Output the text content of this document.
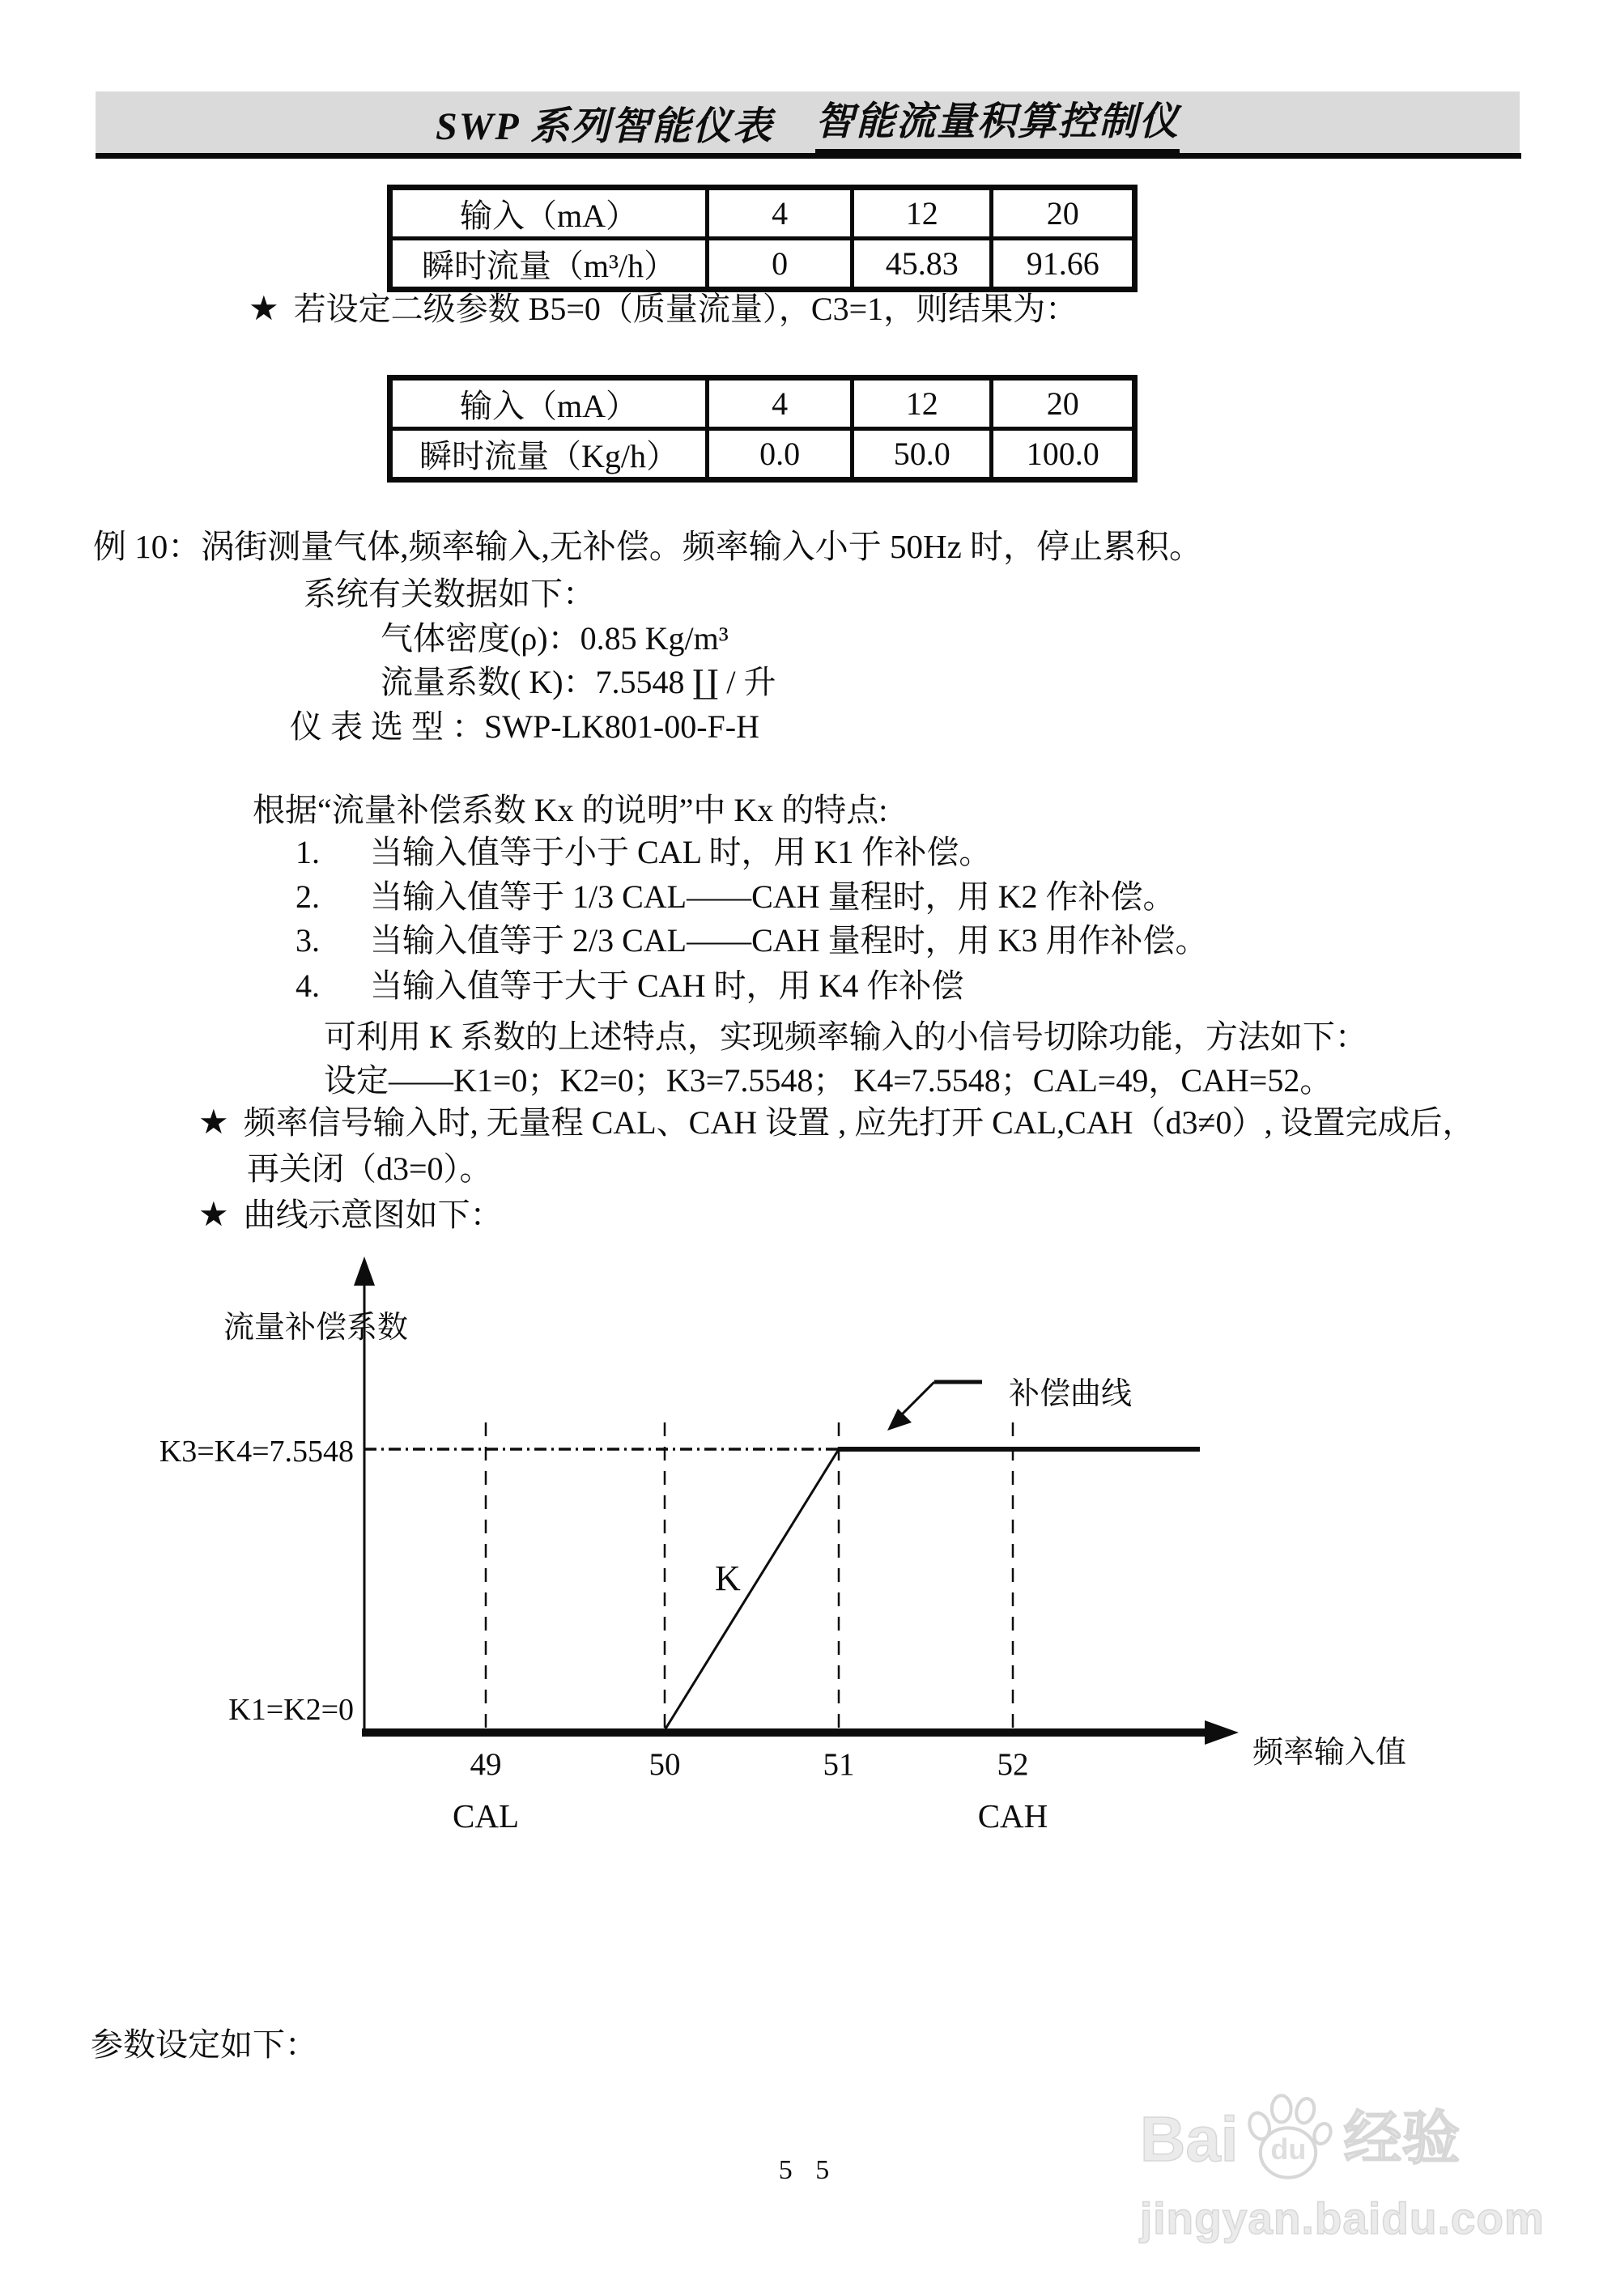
SWP 系列智能仪表 智能流量积算控制仪
输入（mA）	4	12	20
瞬时流量（m³/h）	0	45.83	91.66
★ 若设定二级参数 B5=0（质量流量），C3=1，则结果为：
输入（mA）	4	12	20
瞬时流量（Kg/h）	0.0	50.0	100.0
例 10：涡街测量气体,频率输入,无补偿。频率输入小于 50Hz 时，停止累积。
系统有关数据如下：
气体密度(ρ)：0.85 Kg/m³
流量系数( K)：7.5548 ∐ / 升
仪 表 选 型 ：SWP-LK801-00-F-H
根据“流量补偿系数 Kx 的说明”中 Kx 的特点:
1. 当输入值等于小于 CAL 时，用 K1 作补偿。
2. 当输入值等于 1/3 CAL——CAH 量程时，用 K2 作补偿。
3. 当输入值等于 2/3 CAL——CAH 量程时，用 K3 用作补偿。
4. 当输入值等于大于 CAH 时，用 K4 作补偿
可利用 K 系数的上述特点，实现频率输入的小信号切除功能，方法如下：
设定——K1=0；K2=0；K3=7.5548； K4=7.5548；CAL=49，CAH=52。
★ 频率信号输入时, 无量程 CAL、CAH 设置 , 应先打开 CAL,CAH（d3≠0）, 设置完成后，
再关闭（d3=0）。
★ 曲线示意图如下：
流量补偿系数
补偿曲线
K
K3=K4=7.5548
K1=K2=0
49	50	51	52
CAL	CAH
频率输入值
参数设定如下：
5 5	Bai du 经验
jingyan.baidu.com
